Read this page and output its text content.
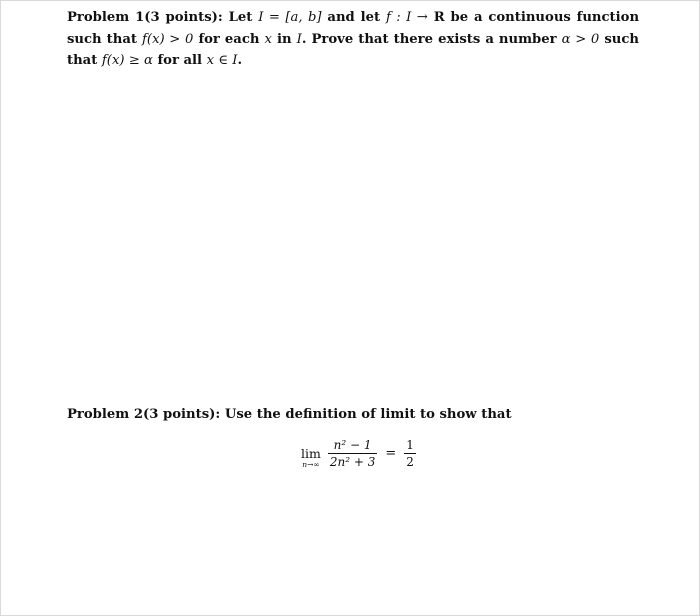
Problem 1(3 points): Let I = [a, b] and let f : I → R be a continuous function such that f(x) > 0 for each x in I. Prove that there exists a number α > 0 such that f(x) ≥ α for all x ∈ I.
Problem 2(3 points): Use the definition of limit to show that
lim
$n\to\infty \frac{\text{n² − 1}}{\text{2n² + 3}} = \frac{1}{2}$
